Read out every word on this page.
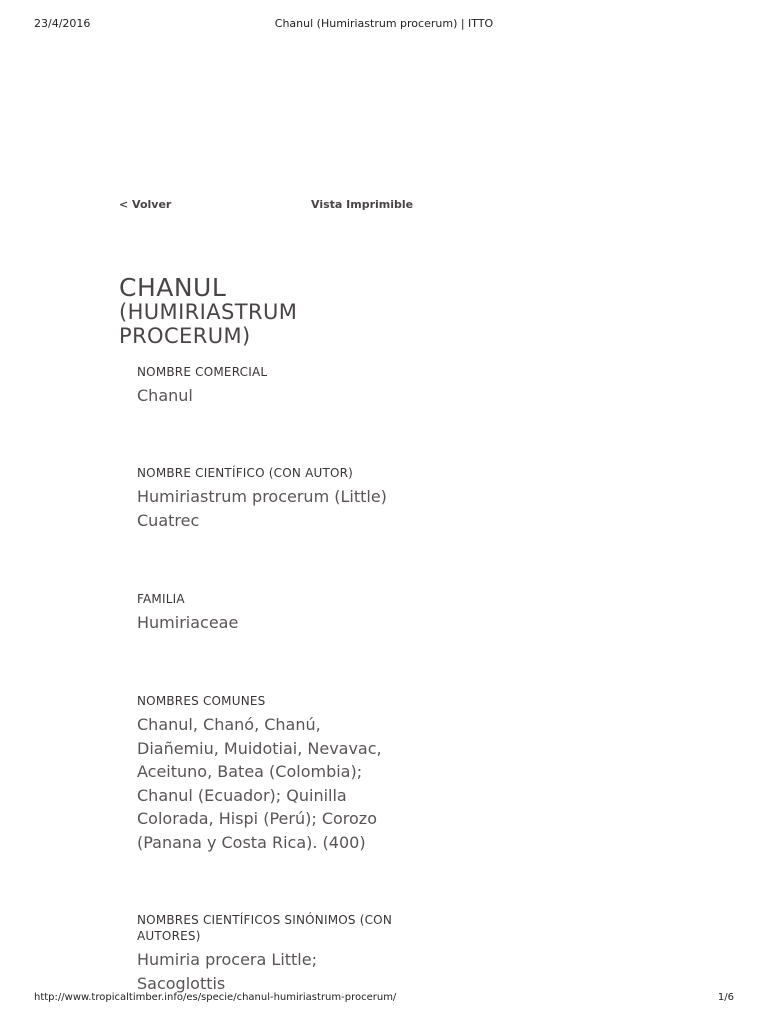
23/4/2016	Chanul (Humiriastrum procerum) | ITTO
< Volver	Vista Imprimible
CHANUL
(HUMIRIASTRUM
PROCERUM)
NOMBRE COMERCIAL
Chanul
NOMBRE CIENTÍFICO (CON AUTOR)
Humiriastrum procerum (Little) Cuatrec
FAMILIA
Humiriaceae
NOMBRES COMUNES
Chanul, Chanó, Chanú, Diañemiu, Muidotiai, Nevavac, Aceituno, Batea (Colombia); Chanul (Ecuador); Quinilla Colorada, Hispi (Perú); Corozo (Panana y Costa Rica). (400)
NOMBRES CIENTÍFICOS SINÓNIMOS (CON AUTORES)
Humiria procera Little; Sacoglottis
http://www.tropicaltimber.info/es/specie/chanul-humiriastrum-procerum/	1/6
